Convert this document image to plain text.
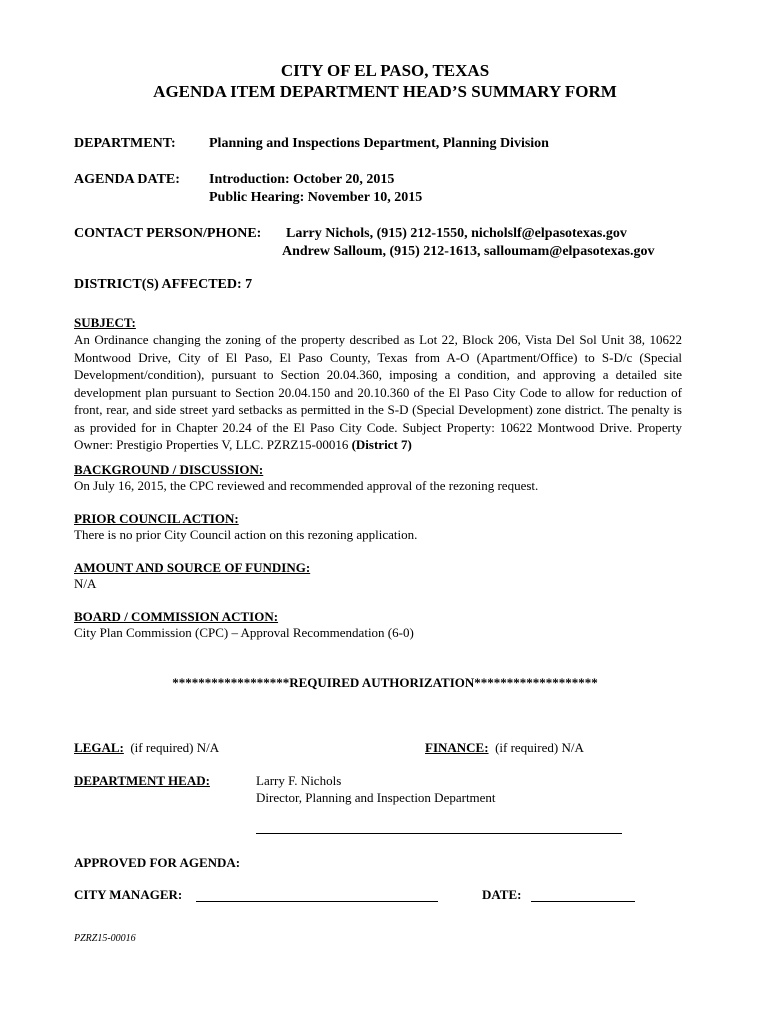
CITY OF EL PASO, TEXAS
AGENDA ITEM DEPARTMENT HEAD’S SUMMARY FORM
DEPARTMENT: Planning and Inspections Department, Planning Division
AGENDA DATE: Introduction: October 20, 2015
Public Hearing: November 10, 2015
CONTACT PERSON/PHONE: Larry Nichols, (915) 212-1550, nicholslf@elpasotexas.gov
Andrew Salloum, (915) 212-1613, salloumam@elpasotexas.gov
DISTRICT(S) AFFECTED: 7
SUBJECT:
An Ordinance changing the zoning of the property described as Lot 22, Block 206, Vista Del Sol Unit 38, 10622 Montwood Drive, City of El Paso, El Paso County, Texas from A-O (Apartment/Office) to S-D/c (Special Development/condition), pursuant to Section 20.04.360, imposing a condition, and approving a detailed site development plan pursuant to Section 20.04.150 and 20.10.360 of the El Paso City Code to allow for reduction of front, rear, and side street yard setbacks as permitted in the S-D (Special Development) zone district. The penalty is as provided for in Chapter 20.24 of the El Paso City Code. Subject Property: 10622 Montwood Drive. Property Owner: Prestigio Properties V, LLC. PZRZ15-00016 (District 7)
BACKGROUND / DISCUSSION:
On July 16, 2015, the CPC reviewed and recommended approval of the rezoning request.
PRIOR COUNCIL ACTION:
There is no prior City Council action on this rezoning application.
AMOUNT AND SOURCE OF FUNDING:
N/A
BOARD / COMMISSION ACTION:
City Plan Commission (CPC) – Approval Recommendation (6-0)
******************REQUIRED AUTHORIZATION*******************
LEGAL: (if required) N/A	FINANCE: (if required) N/A
DEPARTMENT HEAD:	Larry F. Nichols
Director, Planning and Inspection Department
APPROVED FOR AGENDA:
CITY MANAGER:	DATE:
PZRZ15-00016
